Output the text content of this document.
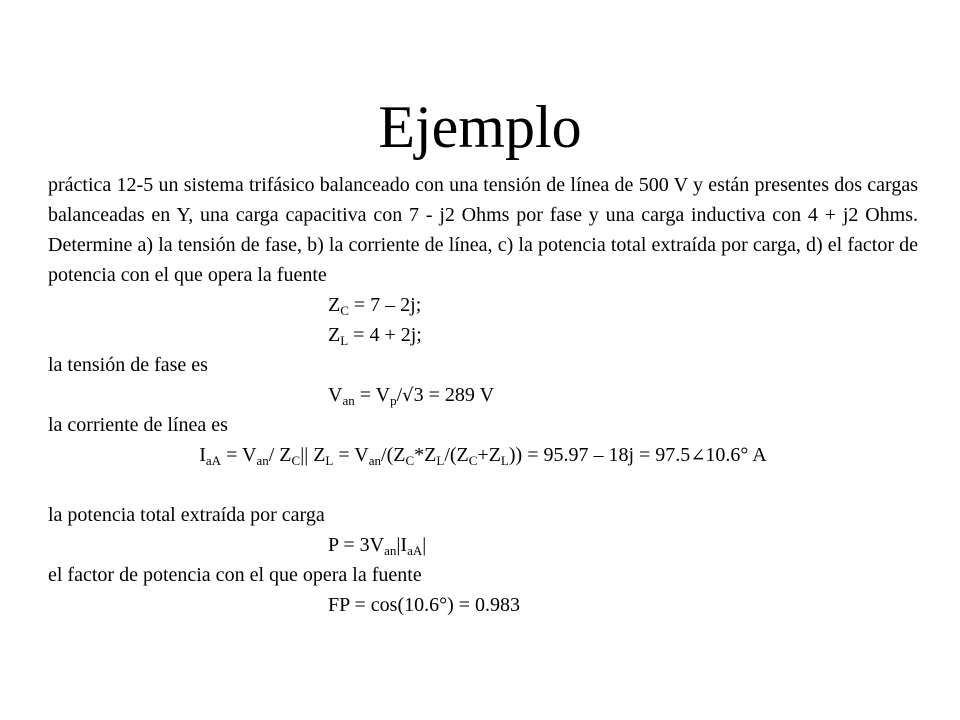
Ejemplo

práctica 12-5 un sistema trifásico balanceado con una tensión de línea de 500 V y están presentes dos cargas balanceadas en Y, una carga capacitiva con 7 - j2 Ohms por fase y una carga inductiva con 4 + j2 Ohms. Determine a) la tensión de fase, b) la corriente de línea, c) la potencia total extraída por carga, d) el factor de potencia con el que opera la fuente

$Z_C = 7 - 2j$;
$Z_L = 4 + 2j$;
la tensión de fase es
$V_{an} = V_p/√3 = 289$ V
la corriente de línea es
$I_{aA} = V_{an}/$ $Z_C||$ $Z_L = V_{an}/(Z_C*Z_L/(Z_C+Z_L)) = 95.97 - 18j$ = 97.5∠10.6° A
la potencia total extraída por carga
$P = 3V_{an}|I_{aA}|$
el factor de potencia con el que opera la fuente
FP = cos(10.6°) = 0.983
